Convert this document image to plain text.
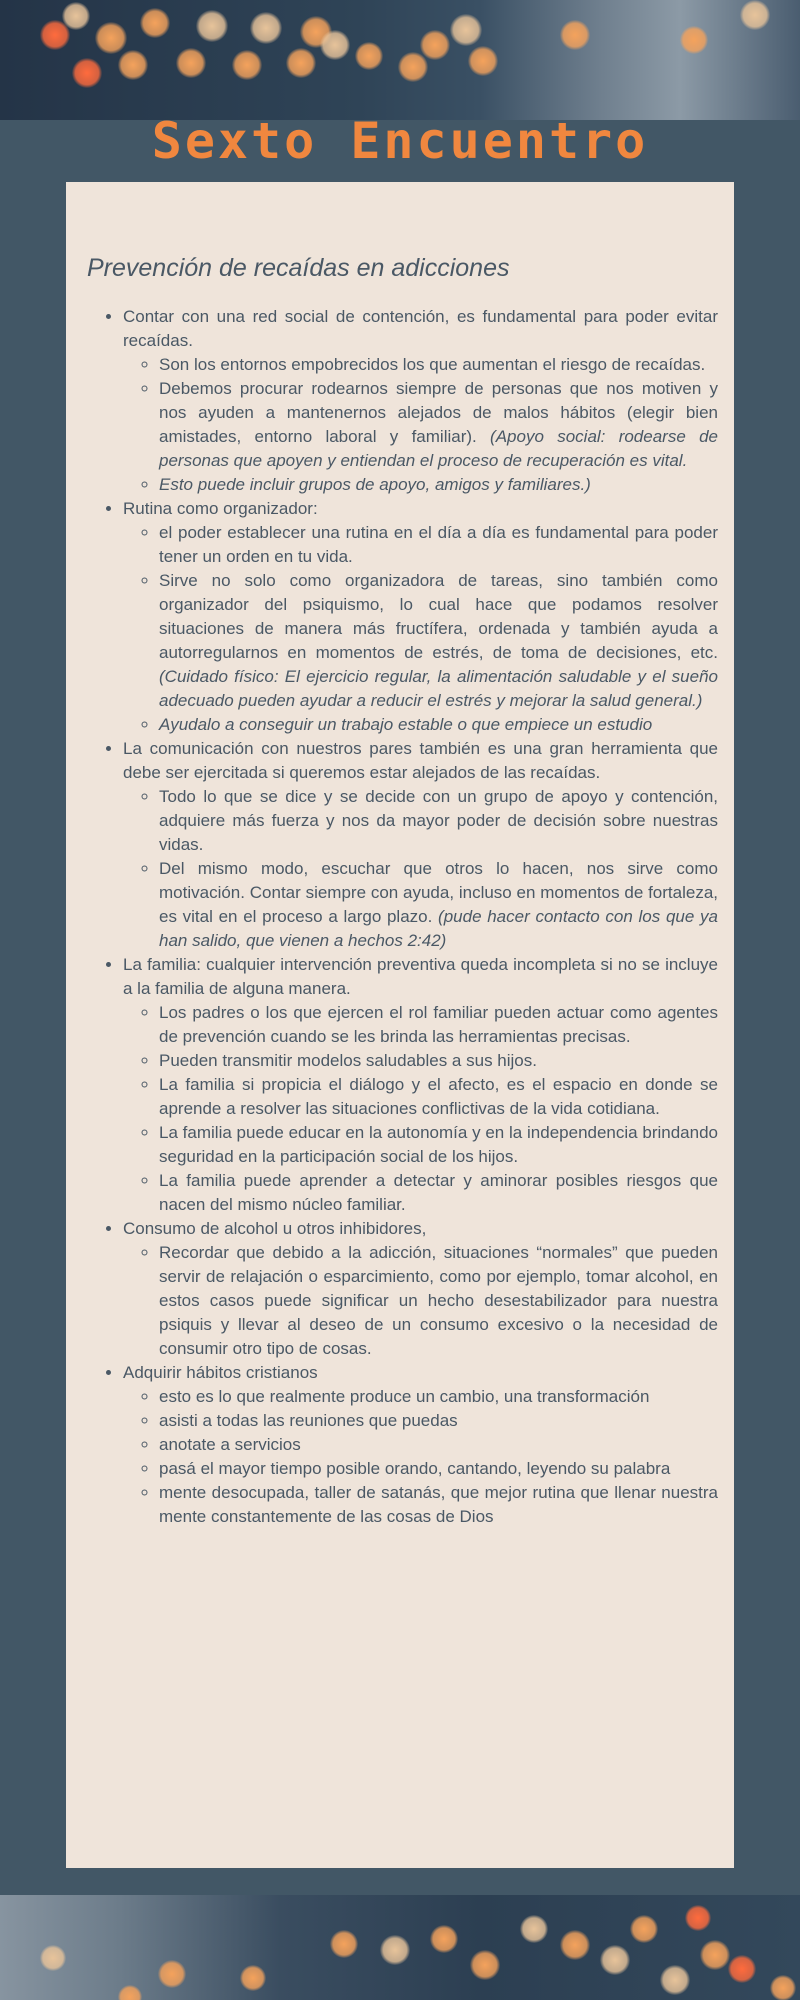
Sexto Encuentro
Prevención de recaídas en adicciones
• Contar con una red social de contención, es fundamental para poder evitar recaídas.
◦ Son los entornos empobrecidos los que aumentan el riesgo de recaídas.
◦ Debemos procurar rodearnos siempre de personas que nos motiven y nos ayuden a mantenernos alejados de malos hábitos (elegir bien amistades, entorno laboral y familiar). (Apoyo social: rodearse de personas que apoyen y entiendan el proceso de recuperación es vital.
◦ Esto puede incluir grupos de apoyo, amigos y familiares.)
• Rutina como organizador:
◦ el poder establecer una rutina en el día a día es fundamental para poder tener un orden en tu vida.
◦ Sirve no solo como organizadora de tareas, sino también como organizador del psiquismo, lo cual hace que podamos resolver situaciones de manera más fructífera, ordenada y también ayuda a autorregularnos en momentos de estrés, de toma de decisiones, etc. (Cuidado físico: El ejercicio regular, la alimentación saludable y el sueño adecuado pueden ayudar a reducir el estrés y mejorar la salud general.)
◦ Ayudalo a conseguir un trabajo estable o que empiece un estudio
• La comunicación con nuestros pares también es una gran herramienta que debe ser ejercitada si queremos estar alejados de las recaídas.
◦ Todo lo que se dice y se decide con un grupo de apoyo y contención, adquiere más fuerza y nos da mayor poder de decisión sobre nuestras vidas.
◦ Del mismo modo, escuchar que otros lo hacen, nos sirve como motivación. Contar siempre con ayuda, incluso en momentos de fortaleza, es vital en el proceso a largo plazo. (pude hacer contacto con los que ya han salido, que vienen a hechos 2:42)
• La familia: cualquier intervención preventiva queda incompleta si no se incluye a la familia de alguna manera.
◦ Los padres o los que ejercen el rol familiar pueden actuar como agentes de prevención cuando se les brinda las herramientas precisas.
◦ Pueden transmitir modelos saludables a sus hijos.
◦ La familia si propicia el diálogo y el afecto, es el espacio en donde se aprende a resolver las situaciones conflictivas de la vida cotidiana.
◦ La familia puede educar en la autonomía y en la independencia brindando seguridad en la participación social de los hijos.
◦ La familia puede aprender a detectar y aminorar posibles riesgos que nacen del mismo núcleo familiar.
• Consumo de alcohol u otros inhibidores,
◦ Recordar que debido a la adicción, situaciones “normales” que pueden servir de relajación o esparcimiento, como por ejemplo, tomar alcohol, en estos casos puede significar un hecho desestabilizador para nuestra psiquis y llevar al deseo de un consumo excesivo o la necesidad de consumir otro tipo de cosas.
• Adquirir hábitos cristianos
◦ esto es lo que realmente produce un cambio, una transformación
◦ asisti a todas las reuniones que puedas
◦ anotate a servicios
◦ pasá el mayor tiempo posible orando, cantando, leyendo su palabra
◦ mente desocupada, taller de satanás, que mejor rutina que llenar nuestra mente constantemente de las cosas de Dios
